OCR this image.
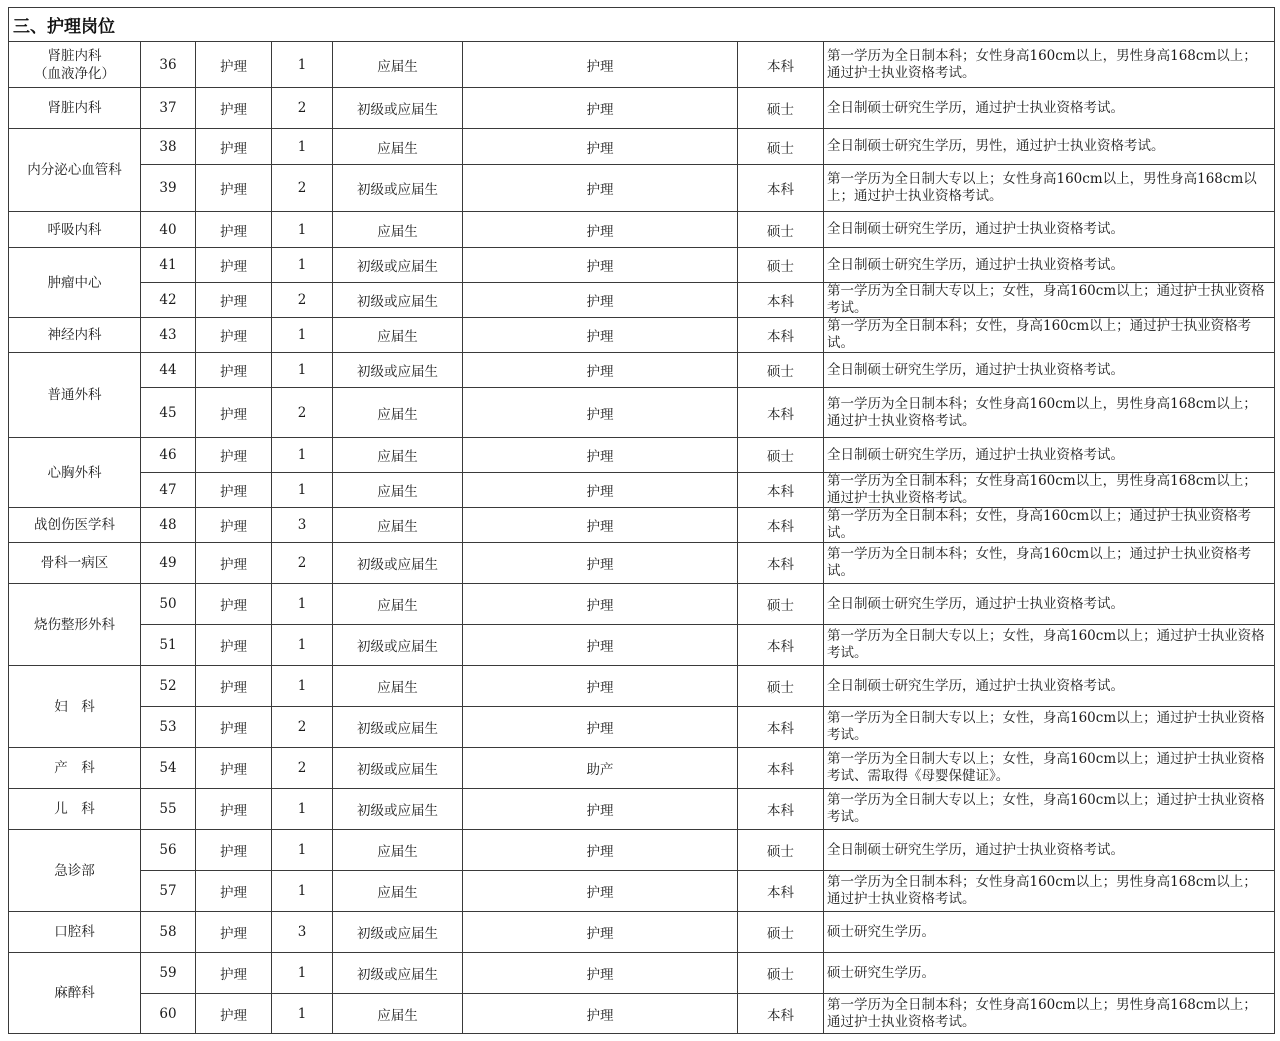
三、护理岗位							
肾脏内科
（血液净化）	36	护理	1	应届生	护理	本科	第一学历为全日制本科；女性身高160cm以上，男性身高168cm以上；通过护士执业资格考试。
肾脏内科	37	护理	2	初级或应届生	护理	硕士	全日制硕士研究生学历，通过护士执业资格考试。
内分泌心血管科	38	护理	1	应届生	护理	硕士	全日制硕士研究生学历，男性，通过护士执业资格考试。
	39	护理	2	初级或应届生	护理	本科	第一学历为全日制大专以上；女性身高160cm以上，男性身高168cm以上；通过护士执业资格考试。
呼吸内科	40	护理	1	应届生	护理	硕士	全日制硕士研究生学历，通过护士执业资格考试。
肿瘤中心	41	护理	1	初级或应届生	护理	硕士	全日制硕士研究生学历，通过护士执业资格考试。
	42	护理	2	初级或应届生	护理	本科	第一学历为全日制大专以上；女性，身高160cm以上；通过护士执业资格考试。
神经内科	43	护理	1	应届生	护理	本科	第一学历为全日制本科；女性，身高160cm以上；通过护士执业资格考试。
普通外科	44	护理	1	初级或应届生	护理	硕士	全日制硕士研究生学历，通过护士执业资格考试。
	45	护理	2	应届生	护理	本科	第一学历为全日制本科；女性身高160cm以上，男性身高168cm以上；通过护士执业资格考试。
心胸外科	46	护理	1	应届生	护理	硕士	全日制硕士研究生学历，通过护士执业资格考试。
	47	护理	1	应届生	护理	本科	第一学历为全日制本科；女性身高160cm以上，男性身高168cm以上；通过护士执业资格考试。
战创伤医学科	48	护理	3	应届生	护理	本科	第一学历为全日制本科；女性，身高160cm以上；通过护士执业资格考试。
骨科一病区	49	护理	2	初级或应届生	护理	本科	第一学历为全日制本科；女性，身高160cm以上；通过护士执业资格考试。
烧伤整形外科	50	护理	1	应届生	护理	硕士	全日制硕士研究生学历，通过护士执业资格考试。
	51	护理	1	初级或应届生	护理	本科	第一学历为全日制大专以上；女性，身高160cm以上；通过护士执业资格考试。
妇　科	52	护理	1	应届生	护理	硕士	全日制硕士研究生学历，通过护士执业资格考试。
	53	护理	2	初级或应届生	护理	本科	第一学历为全日制大专以上；女性，身高160cm以上；通过护士执业资格考试。
产　科	54	护理	2	初级或应届生	助产	本科	第一学历为全日制大专以上；女性，身高160cm以上；通过护士执业资格考试、需取得《母婴保健证》。
儿　科	55	护理	1	初级或应届生	护理	本科	第一学历为全日制大专以上；女性，身高160cm以上；通过护士执业资格考试。
急诊部	56	护理	1	应届生	护理	硕士	全日制硕士研究生学历，通过护士执业资格考试。
	57	护理	1	应届生	护理	本科	第一学历为全日制本科；女性身高160cm以上；男性身高168cm以上；通过护士执业资格考试。
口腔科	58	护理	3	初级或应届生	护理	硕士	硕士研究生学历。
麻醉科	59	护理	1	初级或应届生	护理	硕士	硕士研究生学历。
	60	护理	1	应届生	护理	本科	第一学历为全日制本科；女性身高160cm以上；男性身高168cm以上；通过护士执业资格考试。
